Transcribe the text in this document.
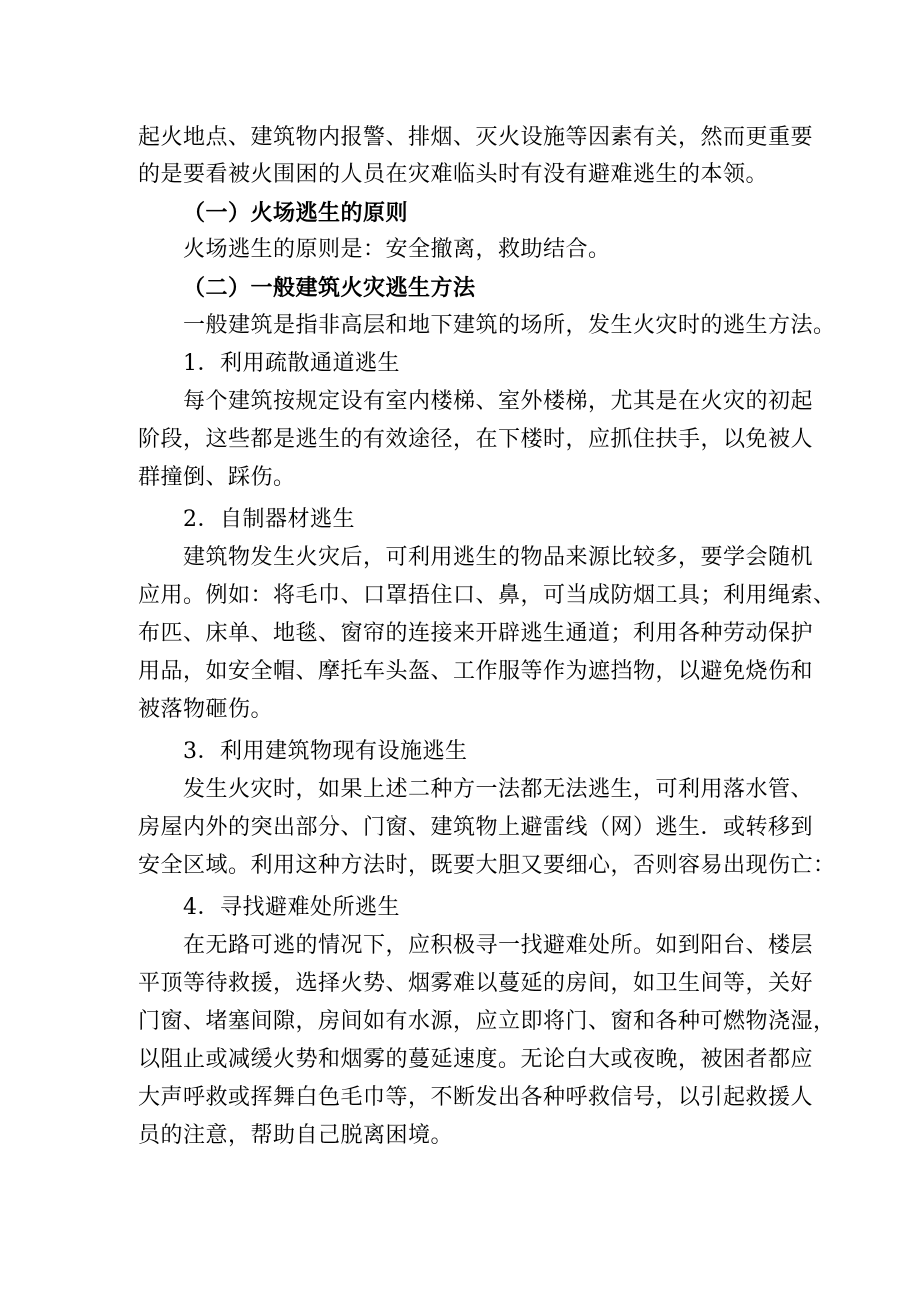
起火地点、建筑物内报警、排烟、灭火设施等因素有关，然而更重要
的是要看被火围困的人员在灾难临头时有没有避难逃生的本领。
（一）火场逃生的原则
火场逃生的原则是：安全撤离，救助结合。
（二）一般建筑火灾逃生方法
一般建筑是指非高层和地下建筑的场所，发生火灾时的逃生方法。
1．利用疏散通道逃生
每个建筑按规定设有室内楼梯、室外楼梯，尤其是在火灾的初起
阶段，这些都是逃生的有效途径，在下楼时，应抓住扶手，以免被人
群撞倒、踩伤。
2．自制器材逃生
建筑物发生火灾后，可利用逃生的物品来源比较多，要学会随机
应用。例如：将毛巾、口罩捂住口、鼻，可当成防烟工具；利用绳索、
布匹、床单、地毯、窗帘的连接来开辟逃生通道；利用各种劳动保护
用品，如安全帽、摩托车头盔、工作服等作为遮挡物，以避免烧伤和
被落物砸伤。
3．利用建筑物现有设施逃生
发生火灾时，如果上述二种方一法都无法逃生，可利用落水管、
房屋内外的突出部分、门窗、建筑物上避雷线（网）逃生．或转移到
安全区域。利用这种方法时，既要大胆又要细心，否则容易出现伤亡：
4．寻找避难处所逃生
在无路可逃的情况下，应积极寻一找避难处所。如到阳台、楼层
平顶等待救援，选择火势、烟雾难以蔓延的房间，如卫生间等，关好
门窗、堵塞间隙，房间如有水源，应立即将门、窗和各种可燃物浇湿，
以阻止或减缓火势和烟雾的蔓延速度。无论白大或夜晚，被困者都应
大声呼救或挥舞白色毛巾等，不断发出各种呼救信号，以引起救援人
员的注意，帮助自己脱离困境。
